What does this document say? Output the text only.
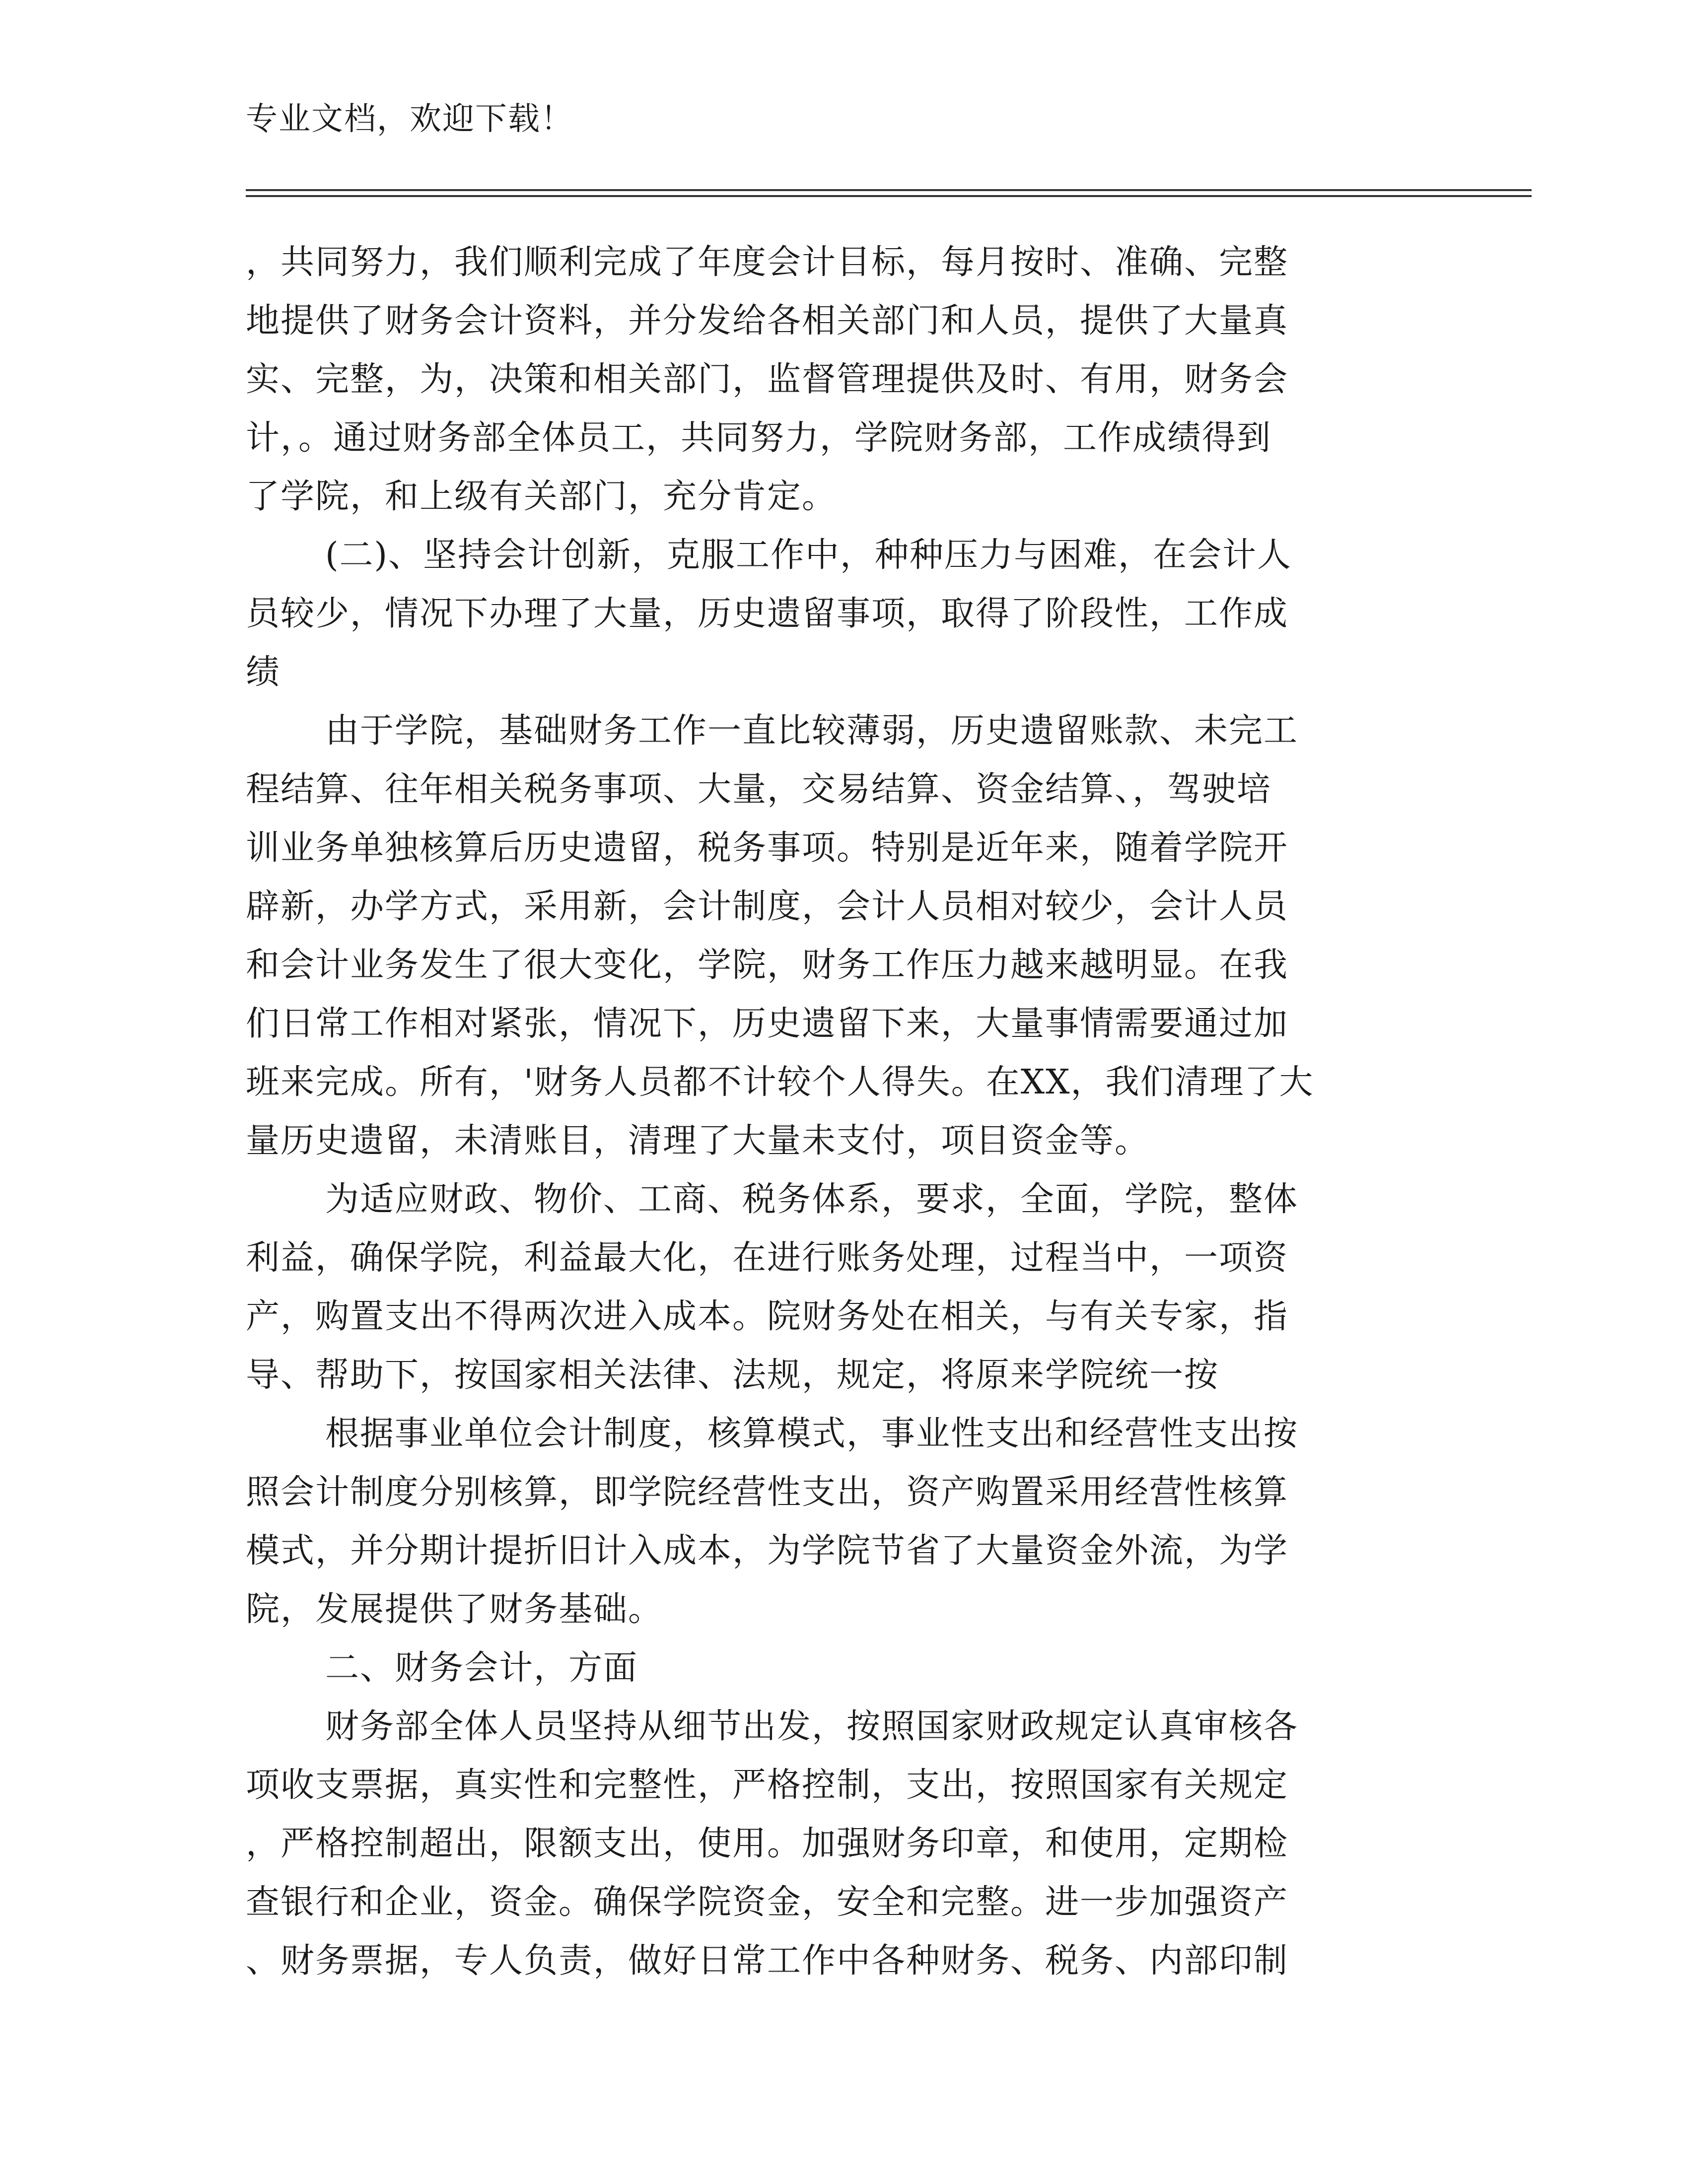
专业文档，欢迎下载！
，共同努力，我们顺利完成了年度会计目标，每月按时、准确、完整
地提供了财务会计资料，并分发给各相关部门和人员，提供了大量真
实、完整，为，决策和相关部门，监督管理提供及时、有用，财务会
计，。通过财务部全体员工，共同努力，学院财务部，工作成绩得到
了学院，和上级有关部门，充分肯定。
(二)、坚持会计创新，克服工作中，种种压力与困难，在会计人
员较少，情况下办理了大量，历史遗留事项，取得了阶段性，工作成
绩
由于学院，基础财务工作一直比较薄弱，历史遗留账款、未完工
程结算、往年相关税务事项、大量，交易结算、资金结算、，驾驶培
训业务单独核算后历史遗留，税务事项。特别是近年来，随着学院开
辟新，办学方式，采用新，会计制度，会计人员相对较少，会计人员
和会计业务发生了很大变化，学院，财务工作压力越来越明显。在我
们日常工作相对紧张，情况下，历史遗留下来，大量事情需要通过加
班来完成。所有，'财务人员都不计较个人得失。在XX，我们清理了大
量历史遗留，未清账目，清理了大量未支付，项目资金等。
为适应财政、物价、工商、税务体系，要求，全面，学院，整体
利益，确保学院，利益最大化，在进行账务处理，过程当中，一项资
产，购置支出不得两次进入成本。院财务处在相关，与有关专家，指
导、帮助下，按国家相关法律、法规，规定，将原来学院统一按
根据事业单位会计制度，核算模式，事业性支出和经营性支出按
照会计制度分别核算，即学院经营性支出，资产购置采用经营性核算
模式，并分期计提折旧计入成本，为学院节省了大量资金外流，为学
院，发展提供了财务基础。
二、财务会计，方面
财务部全体人员坚持从细节出发，按照国家财政规定认真审核各
项收支票据，真实性和完整性，严格控制，支出，按照国家有关规定
，严格控制超出，限额支出，使用。加强财务印章，和使用，定期检
查银行和企业，资金。确保学院资金，安全和完整。进一步加强资产
、财务票据，专人负责，做好日常工作中各种财务、税务、内部印制
